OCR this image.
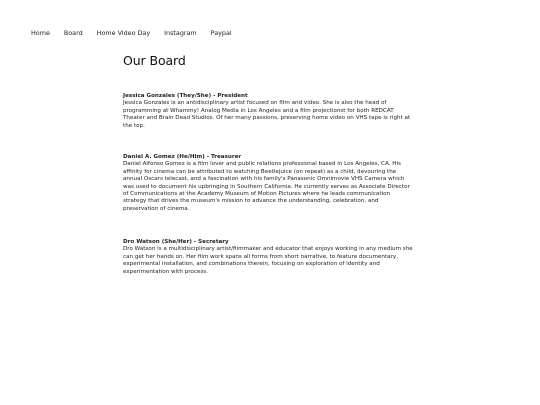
Home Board Home Video Day Instagram Paypal
Our Board
Jessica Gonzales (They/She) - President
Jessica Gonzales is an antidisciplinary artist focused on film and video. She is also the head of programming at Whammy! Analog Media in Los Angeles and a film projectionst for both REDCAT Theater and Brain Dead Studios. Of her many passions, preserving home video on VHS tape is right at the top.
Daniel A. Gomez (He/Him) - Treasurer
Daniel Alfonso Gomez is a film lover and public relations professional based in Los Angeles, CA. His affinity for cinema can be attributed to watching Beetlejuice (on repeat) as a child, devouring the annual Oscars telecast, and a fascination with his family's Panasonic Omnimovie VHS Camera which was used to document his upbringing in Southern California. He currently serves as Associate Director of Communications at the Academy Museum of Motion Pictures where he leads communication strategy that drives the museum's mission to advance the understanding, celebration, and preservation of cinema.
Dro Watson (She/Her) - Secretary
Dro Watson is a multidisciplinary artist/filmmaker and educator that enjoys working in any medium she can get her hands on. Her film work spans all forms from short narrative, to feature documentary, experimental installation, and combinations therein, focusing on exploration of identity and experimentation with process.
